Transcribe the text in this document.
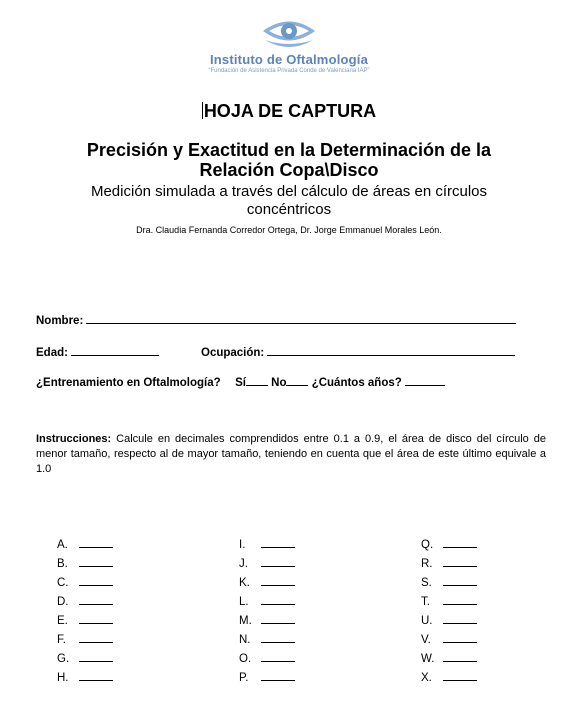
Instituto de Oftalmología
“Fundación de Asistencia Privada Conde de Valenciana IAP”
HOJA DE CAPTURA
Precisión y Exactitud en la Determinación de la Relación Copa\Disco
Medición simulada a través del cálculo de áreas en círculos concéntricos
Dra. Claudia Fernanda Corredor Ortega, Dr. Jorge Emmanuel Morales León.
Nombre:
Edad:	Ocupación:
¿Entrenamiento en Oftalmología? Sí No ¿Cuántos años?
Instrucciones: Calcule en decimales comprendidos entre 0.1 a 0.9, el área de disco del círculo de menor tamaño, respecto al de mayor tamaño, teniendo en cuenta que el área de este último equivale a 1.0
A.
B.
C.
D.
E.
F.
G.
H.
I.
J.
K.
L.
M.
N.
O.
P.
Q.
R.
S.
T.
U.
V.
W.
X.
